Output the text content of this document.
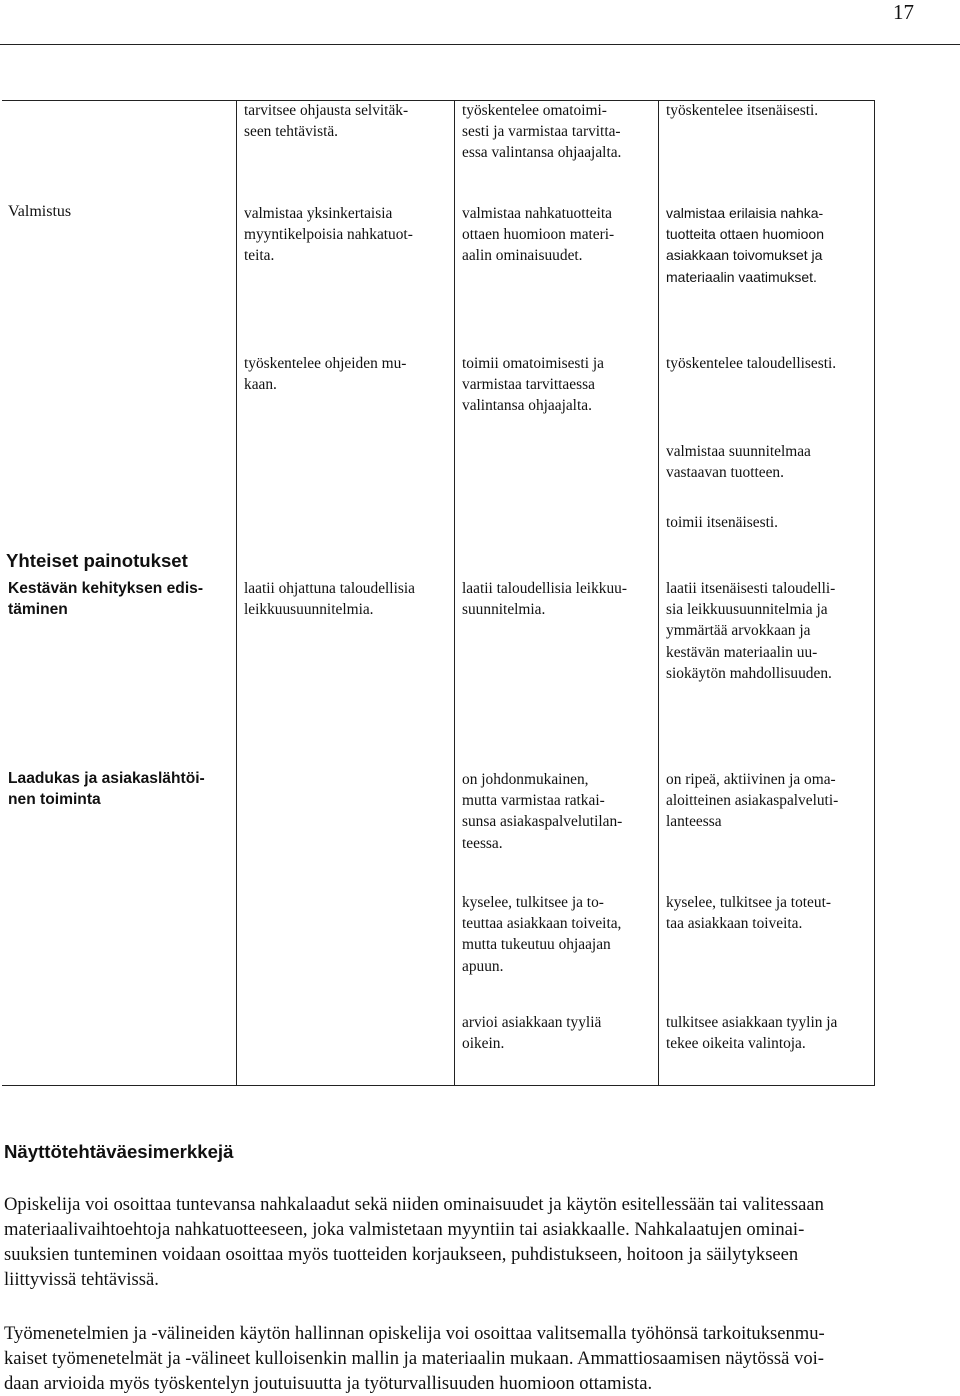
17
tarvitsee ohjausta selvitäk-
seen tehtävistä.
työskentelee omatoimi-
sesti ja varmistaa tarvitta-
essa valintansa ohjaajalta.
työskentelee itsenäisesti.
Valmistus	valmistaa yksinkertaisia
myyntikelpoisia nahkatuot-
teita.
valmistaa nahkatuotteita
ottaen huomioon materi-
aalin ominaisuudet.
valmistaa erilaisia nahka-
tuotteita ottaen huomioon
asiakkaan toivomukset ja
materiaalin vaatimukset.
työskentelee ohjeiden mu-
kaan.
toimii omatoimisesti ja
varmistaa tarvittaessa
valintansa ohjaajalta.
työskentelee taloudellisesti.
valmistaa suunnitelmaa
vastaavan tuotteen.
toimii itsenäisesti.
Yhteiset painotukset
Kestävän kehityksen edis-
täminen
laatii ohjattuna taloudellisia
leikkuusuunnitelmia.
laatii taloudellisia leikkuu-
suunnitelmia.
laatii itsenäisesti taloudelli-
sia leikkuusuunnitelmia ja
ymmärtää arvokkaan ja
kestävän materiaalin uu-
siokäytön mahdollisuuden.
Laadukas ja asiakaslähtöi-
nen toiminta
on johdonmukainen,
mutta varmistaa ratkai-
sunsa asiakaspalvelutilan-
teessa.
on ripeä, aktiivinen ja oma-
aloitteinen asiakaspalveluti-
lanteessa
kyselee, tulkitsee ja to-
teuttaa asiakkaan toiveita,
mutta tukeutuu ohjaajan
apuun.
kyselee, tulkitsee ja toteut-
taa asiakkaan toiveita.
arvioi asiakkaan tyyliä
oikein.
tulkitsee asiakkaan tyylin ja
tekee oikeita valintoja.
Näyttötehtäväesimerkkejä
Opiskelija voi osoittaa tuntevansa nahkalaadut sekä niiden ominaisuudet ja käytön esitellessään tai valitessaan
materiaalivaihtoehtoja nahkatuotteeseen, joka valmistetaan myyntiin tai asiakkaalle. Nahkalaatujen ominai-
suuksien tunteminen voidaan osoittaa myös tuotteiden korjaukseen, puhdistukseen, hoitoon ja säilytykseen
liittyvissä tehtävissä.
Työmenetelmien ja -välineiden käytön hallinnan opiskelija voi osoittaa valitsemalla työhönsä tarkoituksenmu-
kaiset työmenetelmät ja -välineet kulloisenkin mallin ja materiaalin mukaan. Ammattiosaamisen näytössä voi-
daan arvioida myös työskentelyn joutuisuutta ja työturvallisuuden huomioon ottamista.
